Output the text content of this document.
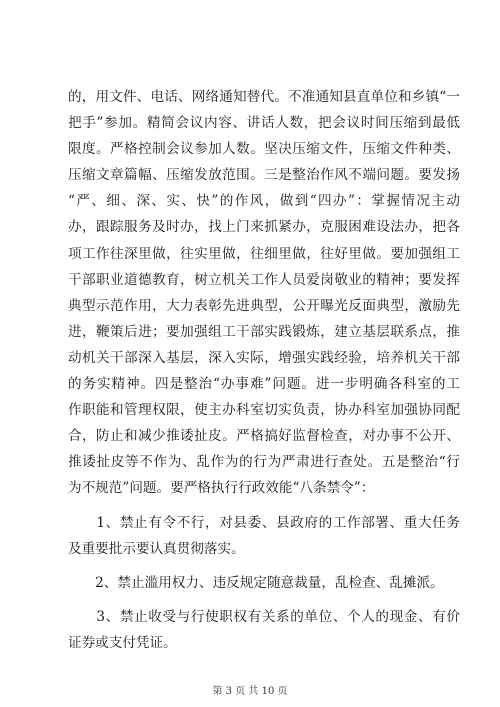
的，用文件、电话、网络通知替代。不准通知县直单位和乡镇“一
把手”参加。精简会议内容、讲话人数，把会议时间压缩到最低
限度。严格控制会议参加人数。坚决压缩文件，压缩文件种类、
压缩文章篇幅、压缩发放范围。三是整治作风不端问题。要发扬
“严、细、深、实、快”的作风，做到“四办”：掌握情况主动
办，跟踪服务及时办，找上门来抓紧办，克服困难设法办，把各
项工作往深里做，往实里做，往细里做，往好里做。要加强组工
干部职业道德教育，树立机关工作人员爱岗敬业的精神；要发挥
典型示范作用，大力表彰先进典型，公开曝光反面典型，激励先
进，鞭策后进；要加强组工干部实践锻炼，建立基层联系点，推
动机关干部深入基层，深入实际，增强实践经验，培养机关干部
的务实精神。四是整治“办事难”问题。进一步明确各科室的工
作职能和管理权限，使主办科室切实负责，协办科室加强协同配
合，防止和减少推诿扯皮。严格搞好监督检查，对办事不公开、
推诿扯皮等不作为、乱作为的行为严肃进行查处。五是整治“行
为不规范”问题。要严格执行行政效能“八条禁令”：
　　1、禁止有令不行，对县委、县政府的工作部署、重大任务
及重要批示要认真贯彻落实。
　　2、禁止滥用权力、违反规定随意裁量，乱检查、乱摊派。
　　3、禁止收受与行使职权有关系的单位、个人的现金、有价
证券或支付凭证。
第 3 页 共 10 页
